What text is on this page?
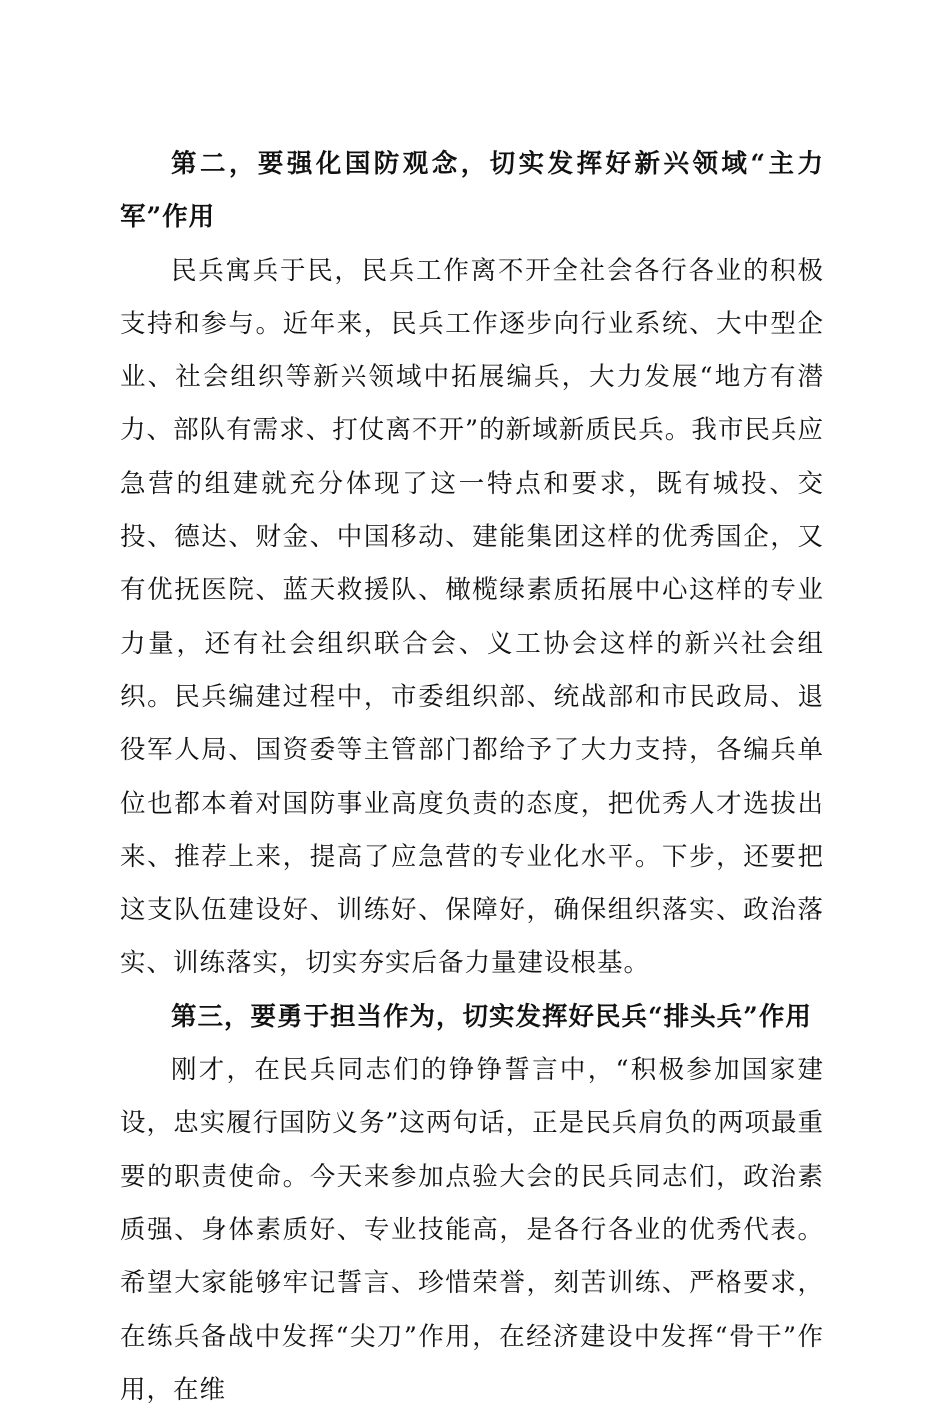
第二，要强化国防观念，切实发挥好新兴领域“主力军”作用

民兵寓兵于民，民兵工作离不开全社会各行各业的积极支持和参与。近年来，民兵工作逐步向行业系统、大中型企业、社会组织等新兴领域中拓展编兵，大力发展“地方有潜力、部队有需求、打仗离不开”的新域新质民兵。我市民兵应急营的组建就充分体现了这一特点和要求，既有城投、交投、德达、财金、中国移动、建能集团这样的优秀国企，又有优抚医院、蓝天救援队、橄榄绿素质拓展中心这样的专业力量，还有社会组织联合会、义工协会这样的新兴社会组织。民兵编建过程中，市委组织部、统战部和市民政局、退役军人局、国资委等主管部门都给予了大力支持，各编兵单位也都本着对国防事业高度负责的态度，把优秀人才选拔出来、推荐上来，提高了应急营的专业化水平。下步，还要把这支队伍建设好、训练好、保障好，确保组织落实、政治落实、训练落实，切实夯实后备力量建设根基。

第三，要勇于担当作为，切实发挥好民兵“排头兵”作用

刚才，在民兵同志们的铮铮誓言中，“积极参加国家建设，忠实履行国防义务”这两句话，正是民兵肩负的两项最重要的职责使命。今天来参加点验大会的民兵同志们，政治素质强、身体素质好、专业技能高，是各行各业的优秀代表。希望大家能够牢记誓言、珍惜荣誉，刻苦训练、严格要求，在练兵备战中发挥“尖刀”作用，在经济建设中发挥“骨干”作用，在维
